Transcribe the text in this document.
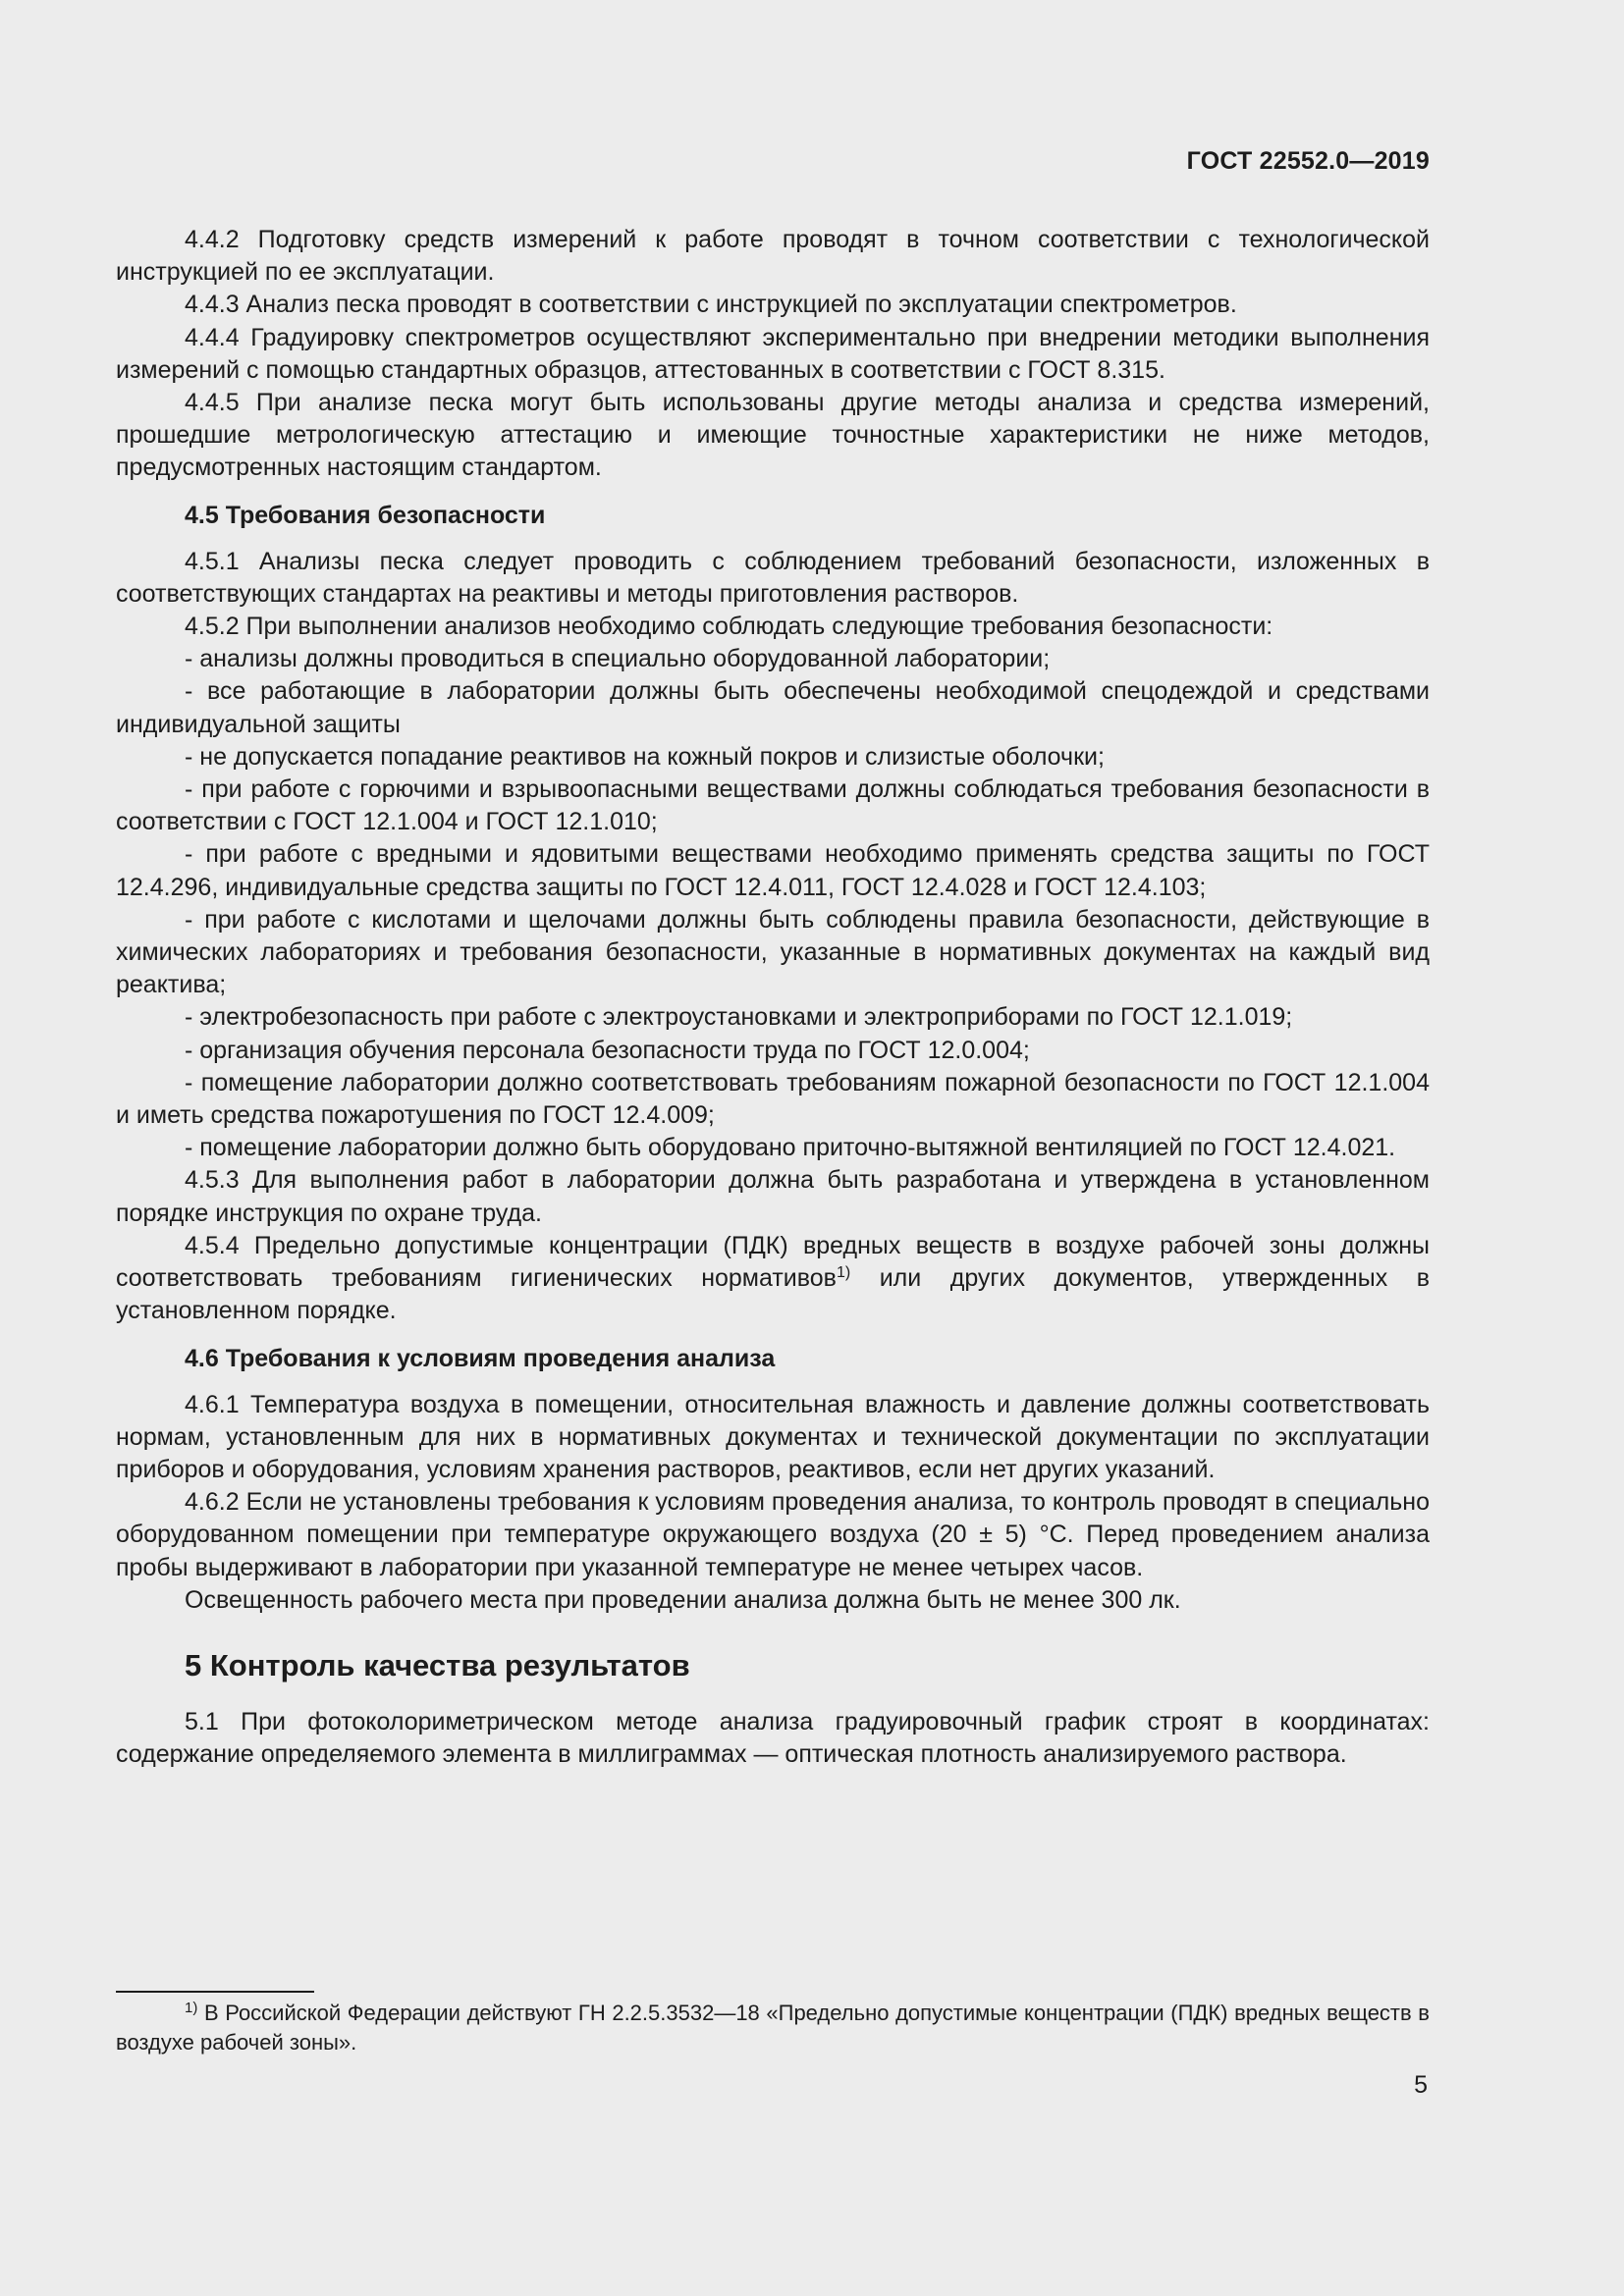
ГОСТ 22552.0—2019

4.4.2 Подготовку средств измерений к работе проводят в точном соответствии с технологической инструкцией по ее эксплуатации.

4.4.3 Анализ песка проводят в соответствии с инструкцией по эксплуатации спектрометров.

4.4.4 Градуировку спектрометров осуществляют экспериментально при внедрении методики выполнения измерений с помощью стандартных образцов, аттестованных в соответствии с ГОСТ 8.315.

4.4.5 При анализе песка могут быть использованы другие методы анализа и средства измерений, прошедшие метрологическую аттестацию и имеющие точностные характеристики не ниже методов, предусмотренных настоящим стандартом.

4.5 Требования безопасности

4.5.1 Анализы песка следует проводить с соблюдением требований безопасности, изложенных в соответствующих стандартах на реактивы и методы приготовления растворов.

4.5.2 При выполнении анализов необходимо соблюдать следующие требования безопасности:

- анализы должны проводиться в специально оборудованной лаборатории;

- все работающие в лаборатории должны быть обеспечены необходимой спецодеждой и средствами индивидуальной защиты

- не допускается попадание реактивов на кожный покров и слизистые оболочки;

- при работе с горючими и взрывоопасными веществами должны соблюдаться требования безопасности в соответствии с ГОСТ 12.1.004 и ГОСТ 12.1.010;

- при работе с вредными и ядовитыми веществами необходимо применять средства защиты по ГОСТ 12.4.296, индивидуальные средства защиты по ГОСТ 12.4.011, ГОСТ 12.4.028 и ГОСТ 12.4.103;

- при работе с кислотами и щелочами должны быть соблюдены правила безопасности, действующие в химических лабораториях и требования безопасности, указанные в нормативных документах на каждый вид реактива;

- электробезопасность при работе с электроустановками и электроприборами по ГОСТ 12.1.019;

- организация обучения персонала безопасности труда по ГОСТ 12.0.004;

- помещение лаборатории должно соответствовать требованиям пожарной безопасности по ГОСТ 12.1.004 и иметь средства пожаротушения по ГОСТ 12.4.009;

- помещение лаборатории должно быть оборудовано приточно-вытяжной вентиляцией по ГОСТ 12.4.021.

4.5.3 Для выполнения работ в лаборатории должна быть разработана и утверждена в установленном порядке инструкция по охране труда.

4.5.4 Предельно допустимые концентрации (ПДК) вредных веществ в воздухе рабочей зоны должны соответствовать требованиям гигиенических нормативов$^{1)}$ или других документов, утвержденных в установленном порядке.

4.6 Требования к условиям проведения анализа

4.6.1 Температура воздуха в помещении, относительная влажность и давление должны соответствовать нормам, установленным для них в нормативных документах и технической документации по эксплуатации приборов и оборудования, условиям хранения растворов, реактивов, если нет других указаний.

4.6.2 Если не установлены требования к условиям проведения анализа, то контроль проводят в специально оборудованном помещении при температуре окружающего воздуха (20 ± 5) °С. Перед проведением анализа пробы выдерживают в лаборатории при указанной температуре не менее четырех часов.

Освещенность рабочего места при проведении анализа должна быть не менее 300 лк.

5 Контроль качества результатов

5.1 При фотоколориметрическом методе анализа градуировочный график строят в координатах: содержание определяемого элемента в миллиграммах — оптическая плотность анализируемого раствора.

$^{1)}$ В Российской Федерации действуют ГН 2.2.5.3532—18 «Предельно допустимые концентрации (ПДК) вредных веществ в воздухе рабочей зоны».
5
